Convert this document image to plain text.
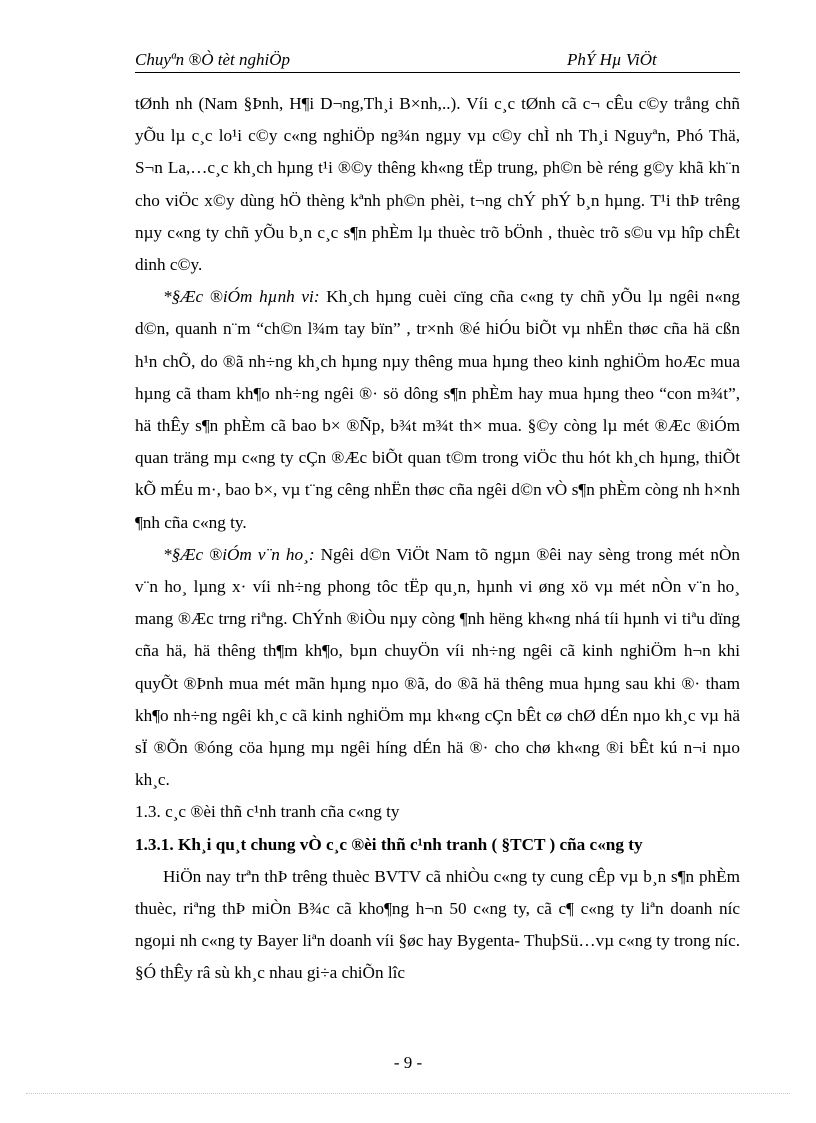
Chuyªn ®Ò tèt nghiÖp	PhÝ Hµ ViÖt

tØnh nh (Nam §Þnh, H¶i D¬ng,Th¸i B×nh,..). Víi c¸c tØnh cã c¬ cÊu c©y trång chñ yÕu lµ c¸c lo¹i c©y c«ng nghiÖp ng¾n ngµy vµ c©y chÌ nh Th¸i Nguyªn, Phó Thä, S¬n La,…c¸c kh¸ch hµng t¹i ®©y thêng kh«ng tËp trung, ph©n bè réng g©y khã kh¨n cho viÖc x©y dùng hÖ thèng kªnh ph©n phèi, t¬ng chÝ phÝ b¸n hµng. T¹i thÞ trêng nµy c«ng ty chñ yÕu b¸n c¸c s¶n phÈm lµ thuèc trõ bÖnh , thuèc trõ s©u vµ hîp chÊt dinh c©y.

*§Æc ®iÓm hµnh vi: Kh¸ch hµng cuèi cïng cña c«ng ty chñ yÕu lµ ngêi n«ng d©n, quanh n¨m “ch©n l¾m tay bïn” , tr×nh ®é hiÓu biÕt vµ nhËn thøc cña hä cßn h¹n chÕ, do ®ã nh÷ng kh¸ch hµng nµy thêng mua hµng theo kinh nghiÖm hoÆc mua hµng cã tham kh¶o nh÷ng ngêi ®· sö dông s¶n phÈm hay mua hµng theo “con m¾t”, hä thÊy s¶n phÈm cã bao b× ®Ñp, b¾t m¾t th× mua. §©y còng lµ mét ®Æc ®iÓm quan träng mµ c«ng ty cÇn ®Æc biÕt quan t©m trong viÖc thu hót kh¸ch hµng, thiÕt kÕ mÉu m·, bao b×, vµ t¨ng cêng nhËn thøc cña ngêi d©n vÒ s¶n phÈm còng nh h×nh ¶nh cña c«ng ty.

*§Æc ®iÓm v¨n ho¸: Ngêi d©n ViÖt Nam tõ ngµn ®êi nay sèng trong mét nÒn v¨n ho¸ lµng x· víi nh÷ng phong tôc tËp qu¸n, hµnh vi øng xö vµ mét nÒn v¨n ho¸ mang ®Æc trng riªng. ChÝnh ®iÒu nµy còng ¶nh hëng kh«ng nhá tíi hµnh vi tiªu dïng cña hä, hä thêng th¶m kh¶o, bµn chuyÖn víi nh÷ng ngêi cã kinh nghiÖm h¬n khi quyÕt ®Þnh mua mét mãn hµng nµo ®ã, do ®ã hä thêng mua hµng sau khi ®· tham kh¶o nh÷ng ngêi kh¸c cã kinh nghiÖm mµ kh«ng cÇn bÊt cø chØ dÉn nµo kh¸c vµ hä sÏ ®Õn ®óng cöa hµng mµ ngêi híng dÉn hä ®· cho chø kh«ng ®i bÊt kú n¬i nµo kh¸c.

1.3. c¸c ®èi thñ c¹nh tranh cña c«ng ty

1.3.1. Kh¸i qu¸t chung vÒ c¸c ®èi thñ c¹nh tranh ( §TCT ) cña c«ng ty

HiÖn nay trªn thÞ trêng thuèc BVTV cã nhiÒu c«ng ty cung cÊp vµ b¸n s¶n phÈm thuèc, riªng thÞ miÒn B¾c cã kho¶ng h¬n 50 c«ng ty, cã c¶ c«ng ty liªn doanh níc ngoµi nh c«ng ty Bayer liªn doanh víi §øc hay Bygenta- ThuþSü…vµ c«ng ty trong níc. §Ó thÊy râ sù kh¸c nhau gi÷a chiÕn lîc

- 9 -
